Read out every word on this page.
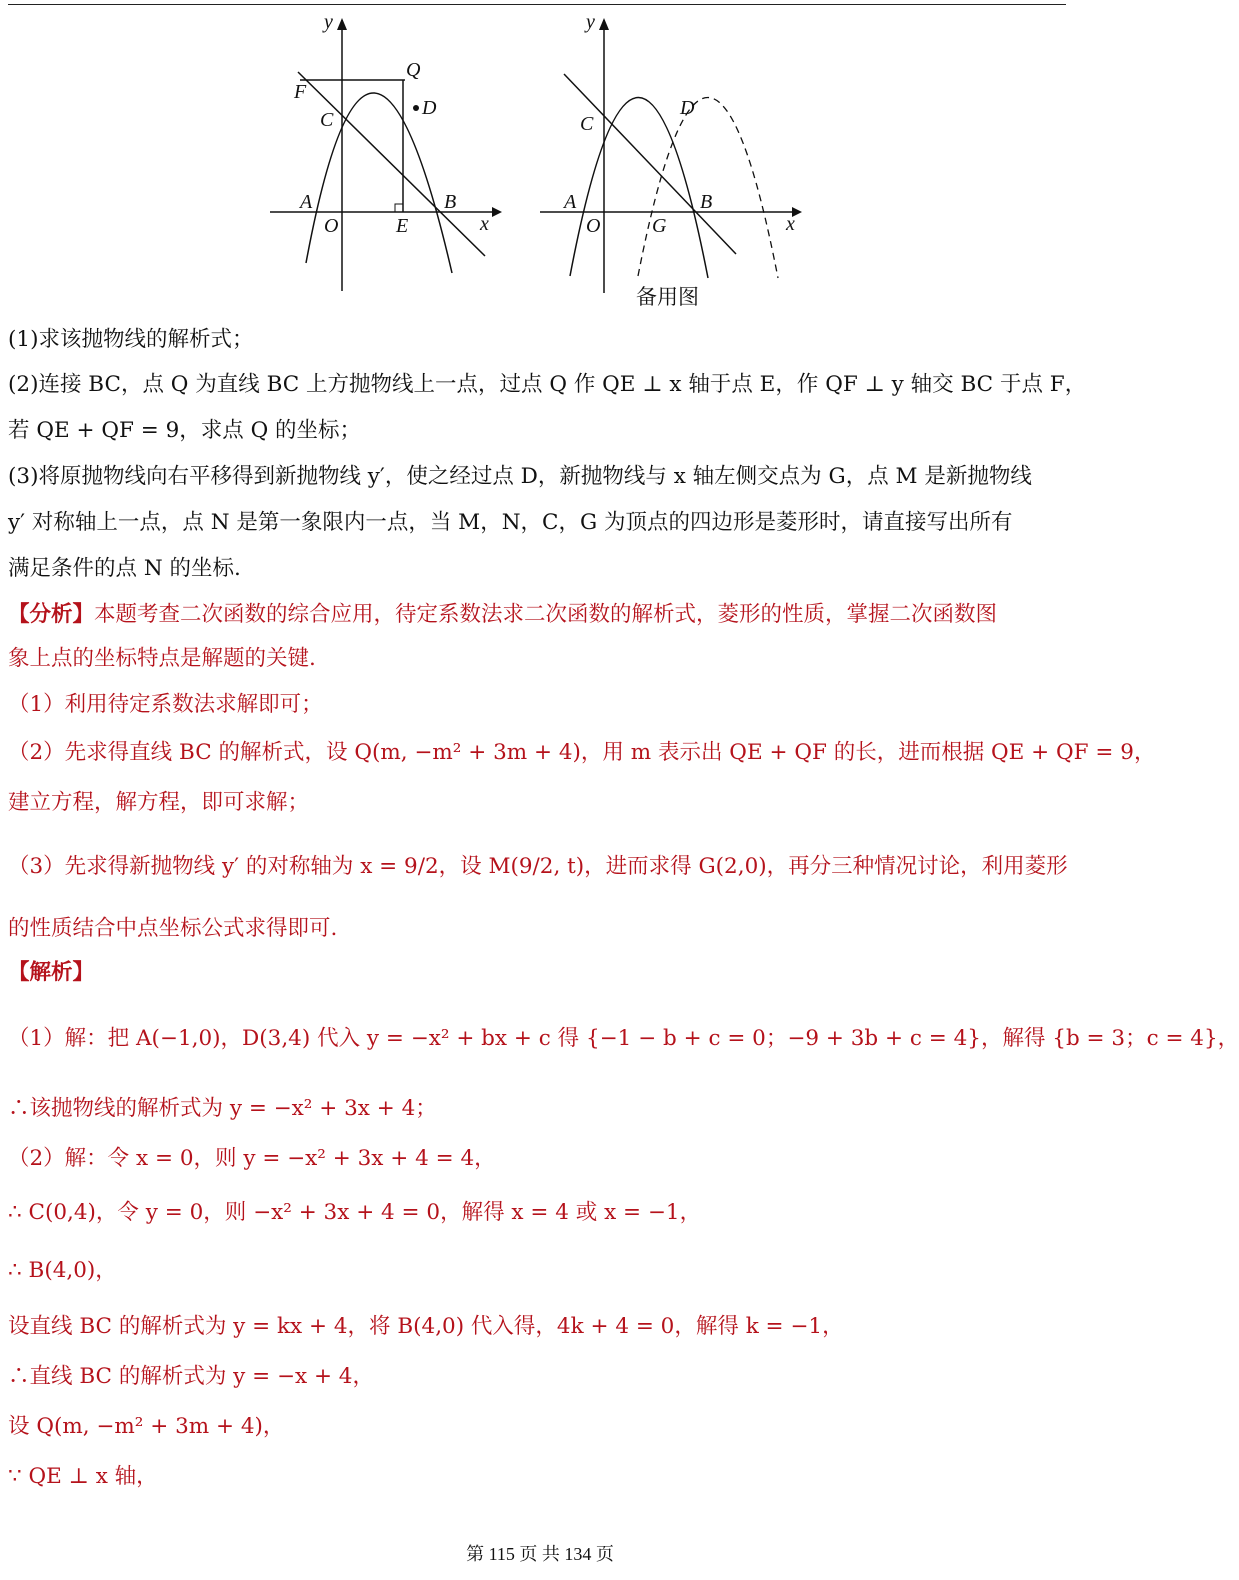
y
x
O
A	B
C
D
E
F
Q
y
x
O
A	B
C
D
G
备用图
(1)求该抛物线的解析式；
(2)连接 BC，点 Q 为直线 BC 上方抛物线上一点，过点 Q 作 QE ⊥ x 轴于点 E，作 QF ⊥ y 轴交 BC 于点 F，
若 QE + QF = 9，求点 Q 的坐标；
(3)将原抛物线向右平移得到新抛物线 y′，使之经过点 D，新抛物线与 x 轴左侧交点为 G，点 M 是新抛物线
y′ 对称轴上一点，点 N 是第一象限内一点，当 M，N，C，G 为顶点的四边形是菱形时，请直接写出所有
满足条件的点 N 的坐标.
【分析】本题考查二次函数的综合应用，待定系数法求二次函数的解析式，菱形的性质，掌握二次函数图
象上点的坐标特点是解题的关键.
（1）利用待定系数法求解即可；
（2）先求得直线 BC 的解析式，设 Q(m, −m² + 3m + 4)，用 m 表示出 QE + QF 的长，进而根据 QE + QF = 9，
建立方程，解方程，即可求解；
（3）先求得新抛物线 y′ 的对称轴为 x = 9/2，设 M(9/2, t)，进而求得 G(2,0)，再分三种情况讨论，利用菱形
的性质结合中点坐标公式求得即可.
【解析】
（1）解：把 A(−1,0)，D(3,4) 代入 y = −x² + bx + c 得 {−1 − b + c = 0；−9 + 3b + c = 4}，解得 {b = 3；c = 4}，
∴该抛物线的解析式为 y = −x² + 3x + 4；
（2）解：令 x = 0，则 y = −x² + 3x + 4 = 4，
∴ C(0,4)，令 y = 0，则 −x² + 3x + 4 = 0，解得 x = 4 或 x = −1，
∴ B(4,0)，
设直线 BC 的解析式为 y = kx + 4，将 B(4,0) 代入得，4k + 4 = 0，解得 k = −1，
∴直线 BC 的解析式为 y = −x + 4，
设 Q(m, −m² + 3m + 4)，
∵ QE ⊥ x 轴，
第 115 页 共 134 页
